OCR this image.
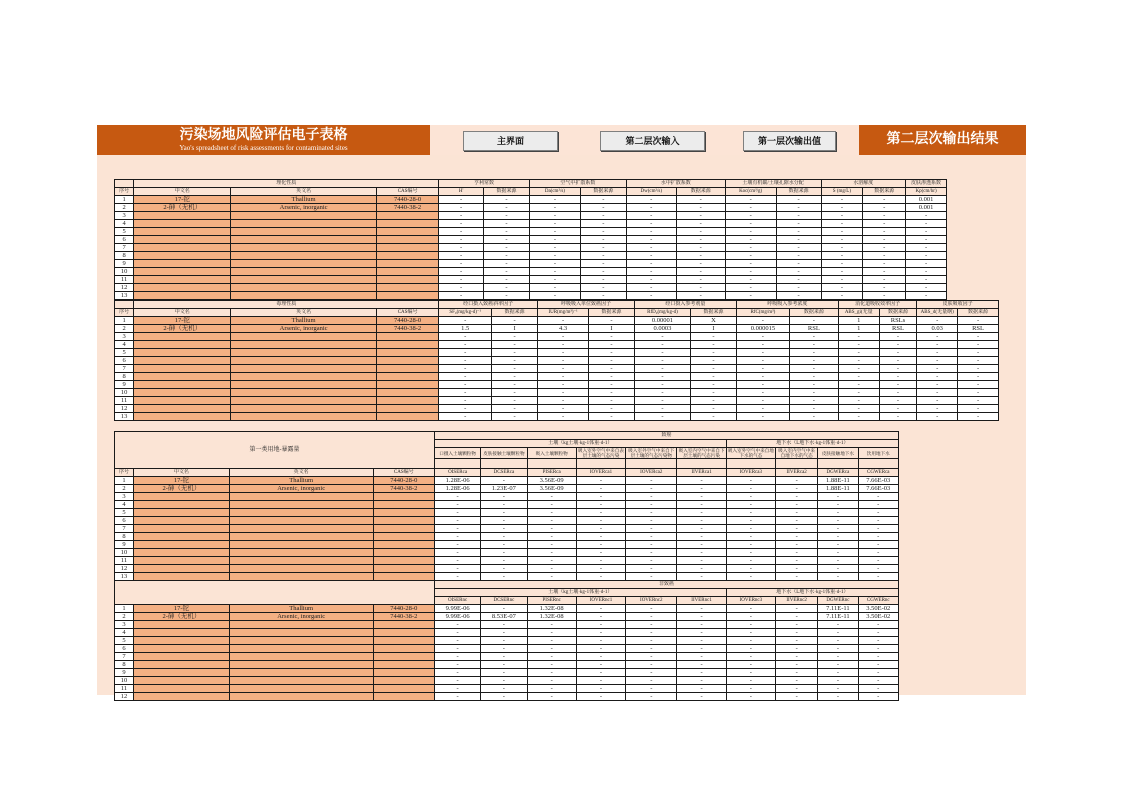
污染场地风险评估电子表格
Yao's spreadsheet of risk assessments for contaminated sites
主界面	第二层次输入	第一层次输出值	第二层次输出结果
	理化性质			亨利常数		空气中扩散系数		水中扩散系数		土壤有机碳/土壤孔隙水分配		水溶解度		皮肤渗透系数
序号	中文名	英文名	CAS编号	H'	数据来源	Da(cm²/s)	数据来源	Dw(cm²/s)	数据来源	Koc(cm³/g)	数据来源	S (mg/L)	数据来源	Kp(cm/hr)
1	17-铊	Thallium	7440-28-0	-	-	-	-	-	-	-	-	-	-	0.001
2	2-砷（无机）	Arsenic, inorganic	7440-38-2	-	-	-	-	-	-	-	-	-	-	0.001
3				-	-	-	-	-	-	-	-	-	-	-
4				-	-	-	-	-	-	-	-	-	-	-
5				-	-	-	-	-	-	-	-	-	-	-
6				-	-	-	-	-	-	-	-	-	-	-
7				-	-	-	-	-	-	-	-	-	-	-
8				-	-	-	-	-	-	-	-	-	-	-
9				-	-	-	-	-	-	-	-	-	-	-
10				-	-	-	-	-	-	-	-	-	-	-
11				-	-	-	-	-	-	-	-	-	-	-
12				-	-	-	-	-	-	-	-	-	-	-
13				-	-	-	-	-	-	-	-	-	-	-
	毒理性质			经口摄入致癌斜率因子		呼吸吸入单位致癌因子		经口摄入参考剂量		呼吸吸入参考浓度		消化道吸收效率因子		皮肤吸收因子	
序号	中文名	英文名	CAS编号	SF₀(mg/kg-d)⁻¹	数据来源	IUR(mg/m³)⁻¹	数据来源	RfD₀(mg/kg-d)	数据来源	RfC(mg/m³)	数据来源	ABS_gi(无量	数据来源	ABS_d(无量纲)	数据来源
1	17-铊	Thallium	7440-28-0	-	-	-	-	0.00001	X	-	-	1	RSLs	-	-
2	2-砷（无机）	Arsenic, inorganic	7440-38-2	1.5	I	4.3	I	0.0003	I	0.000015	RSL	1	RSL	0.03	RSL
3				-	-	-	-	-	-	-	-	-	-	-	-
4				-	-	-	-	-	-	-	-	-	-	-	-
5				-	-	-	-	-	-	-	-	-	-	-	-
6				-	-	-	-	-	-	-	-	-	-	-	-
7				-	-	-	-	-	-	-	-	-	-	-	-
8				-	-	-	-	-	-	-	-	-	-	-	-
9				-	-	-	-	-	-	-	-	-	-	-	-
10				-	-	-	-	-	-	-	-	-	-	-	-
11				-	-	-	-	-	-	-	-	-	-	-	-
12				-	-	-	-	-	-	-	-	-	-	-	-
13				-	-	-	-	-	-	-	-	-	-	-	-
第一类用地-暴露量				致癌									
				土壤（kg土壤·kg-1体重·d-1）						地下水（L地下水·kg-1体重·d-1）			
				口摄入土壤颗粒物	皮肤接触土壤颗粒物	吸入土壤颗粒物	吸入室外空气中来自表层土壤的气态污染	吸入室外空气中来自下层土壤的气态污染物	吸入室内空气中来自下层土壤的气态污染	吸入室外空气中来自地下水的气态	吸入室内空气中来自地下水的气态	皮肤接触地下水	饮用地下水

序号	中文名	英文名	CAS编号	OISERca	DCSERca	PISERca	IOVERca1	IOVERca2	IIVERca1	IOVERca3	IIVERca2	DGWERca	CGWERca
1	17-铊	Thallium	7440-28-0	1.28E-06	-	3.56E-09	-	-	-	-	-	1.88E-11	7.66E-03
2	2-砷（无机）	Arsenic, inorganic	7440-38-2	1.28E-06	1.23E-07	3.56E-09	-	-	-	-	-	1.88E-11	7.66E-03
3				-	-	-	-	-	-	-	-	-	-
4				-	-	-	-	-	-	-	-	-	-
5				-	-	-	-	-	-	-	-	-	-
6				-	-	-	-	-	-	-	-	-	-
7				-	-	-	-	-	-	-	-	-	-
8				-	-	-	-	-	-	-	-	-	-
9				-	-	-	-	-	-	-	-	-	-
10				-	-	-	-	-	-	-	-	-	-
11				-	-	-	-	-	-	-	-	-	-
12				-	-	-	-	-	-	-	-	-	-
13				-	-	-	-	-	-	-	-	-	-
				非致癌									
				土壤（kg土壤·kg-1体重·d-1）						地下水（L地下水·kg-1体重·d-1）			
				OISERnc	DCSERnc	PISERnc	IOVERnc1	IOVERnc2	IIVERnc1	IOVERnc3	IIVERnc2	DGWERnc	CGWERnc
1	17-铊	Thallium	7440-28-0	9.99E-06	-	1.32E-08	-	-	-	-	-	7.11E-11	3.50E-02
2	2-砷（无机）	Arsenic, inorganic	7440-38-2	9.99E-06	8.53E-07	1.32E-08	-	-	-	-	-	7.11E-11	3.50E-02
3				-	-	-	-	-	-	-	-	-	-
4				-	-	-	-	-	-	-	-	-	-
5				-	-	-	-	-	-	-	-	-	-
6				-	-	-	-	-	-	-	-	-	-
7				-	-	-	-	-	-	-	-	-	-
8				-	-	-	-	-	-	-	-	-	-
9				-	-	-	-	-	-	-	-	-	-
10				-	-	-	-	-	-	-	-	-	-
11				-	-	-	-	-	-	-	-	-	-
12				-	-	-	-	-	-	-	-	-	-
